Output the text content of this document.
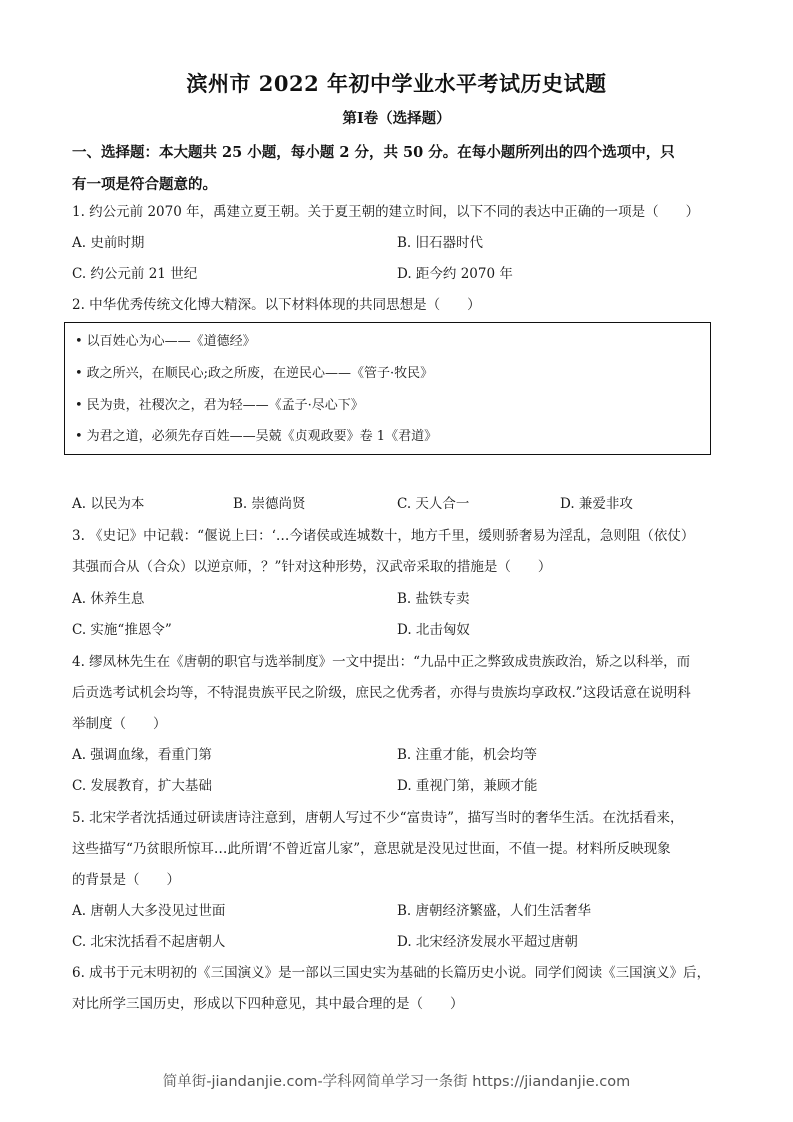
滨州市 2022 年初中学业水平考试历史试题
第Ⅰ卷（选择题）
一、选择题：本大题共 25 小题，每小题 2 分，共 50 分。在每小题所列出的四个选项中，只
有一项是符合题意的。
1. 约公元前 2070 年，禹建立夏王朝。关于夏王朝的建立时间，以下不同的表达中正确的一项是（　　）
A. 史前时期	B. 旧石器时代
C. 约公元前 21 世纪	D. 距今约 2070 年
2. 中华优秀传统文化博大精深。以下材料体现的共同思想是（　　）
• 以百姓心为心——《道德经》
• 政之所兴，在顺民心;政之所废，在逆民心——《管子·牧民》
• 民为贵，社稷次之，君为轻——《孟子·尽心下》
• 为君之道，必须先存百姓——吴兢《贞观政要》卷 1《君道》
A. 以民为本	B. 崇德尚贤	C. 天人合一	D. 兼爱非攻
3. 《史记》中记载：“偃说上曰：‘…今诸侯或连城数十，地方千里，缓则骄奢易为淫乱，急则阻（依仗）
其强而合从（合众）以逆京师，？”针对这种形势，汉武帝采取的措施是（　　）
A. 休养生息	B. 盐铁专卖
C. 实施“推恩令”	D. 北击匈奴
4. 缪凤林先生在《唐朝的职官与选举制度》一文中提出：“九品中正之弊致成贵族政治，矫之以科举，而
后贡选考试机会均等，不特混贵族平民之阶级，庶民之优秀者，亦得与贵族均享政权.”这段话意在说明科
举制度（　　）
A. 强调血缘，看重门第	B. 注重才能，机会均等
C. 发展教育，扩大基础	D. 重视门第，兼顾才能
5. 北宋学者沈括通过研读唐诗注意到，唐朝人写过不少“富贵诗”，描写当时的奢华生活。在沈括看来，
这些描写“乃贫眼所惊耳…此所谓‘不曾近富儿家”，意思就是没见过世面，不值一提。材料所反映现象
的背景是（　　）
A. 唐朝人大多没见过世面	B. 唐朝经济繁盛，人们生活奢华
C. 北宋沈括看不起唐朝人	D. 北宋经济发展水平超过唐朝
6. 成书于元末明初的《三国演义》是一部以三国史实为基础的长篇历史小说。同学们阅读《三国演义》后，
对比所学三国历史，形成以下四种意见，其中最合理的是（　　）
简单街-jiandanjie.com-学科网简单学习一条街 https://jiandanjie.com
